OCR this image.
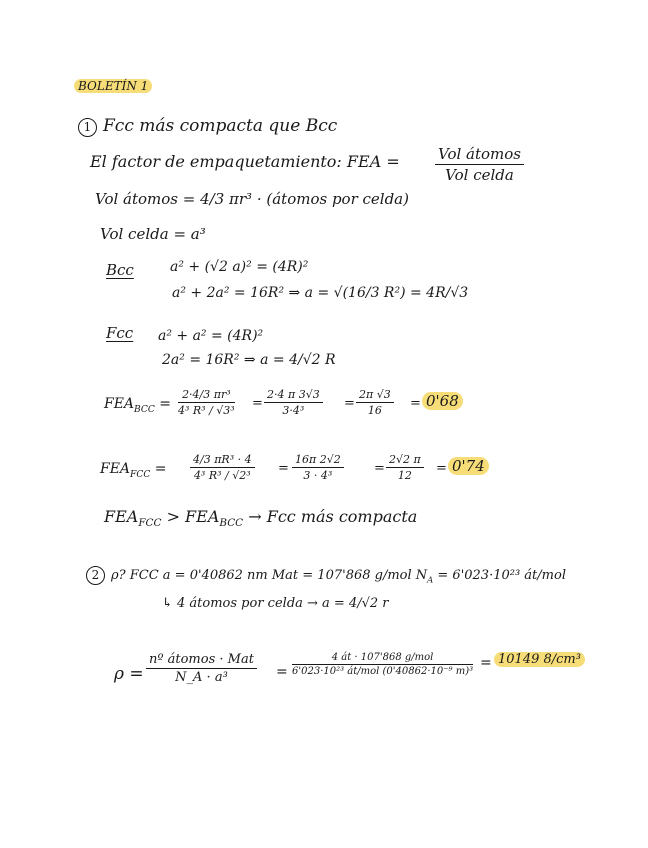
BOLETÍN 1
1 Fcc más compacta que Bcc
El factor de empaquetamiento: FEA =	Vol átomos
Vol celda
Vol átomos = 4/3 πr³ · (átomos por celda)
Vol celda = a³
Bcc	a² + (√2 a)² = (4R)²
a² + 2a² = 16R² ⇒ a = √(16/3 R²) = 4R/√3
Fcc a² + a² = (4R)²
2a² = 16R² ⇒ a = 4/√2 R
$FEA_{BCC} = \frac{\text{2·4/3 πr³}}{\text{4³ R³ / √3³}} = \frac{2\cdot 4 \pi 3√3}{\text{3·4³}} = \frac{2\pi √3}{16} = 0'68$
$FEA_{FCC} = \frac{\text{4/3 πR³ · 4}}{\text{4³ R³ / √2³}} = \frac{16\pi 2√2}{\text{3 · 4³}} = \frac{2√2 \pi}{12} = 0'74$
$FEA_{FCC} > FEA_{BCC}$ → Fcc más compacta
2 ρ? FCC a = 0'40862 nm Mat = 107'868 g/mol $N_A = 6'023\cdot 10^{23}$ át/mol
↳ 4 átomos por celda → a = 4/√2 r
ρ =
nº átomos · Mat
N_A · a³	=
4 át · 107'868 g/mol
6'023·10²³ át/mol (0'40862·10⁻⁹ m)³
= 10149 8/cm³
